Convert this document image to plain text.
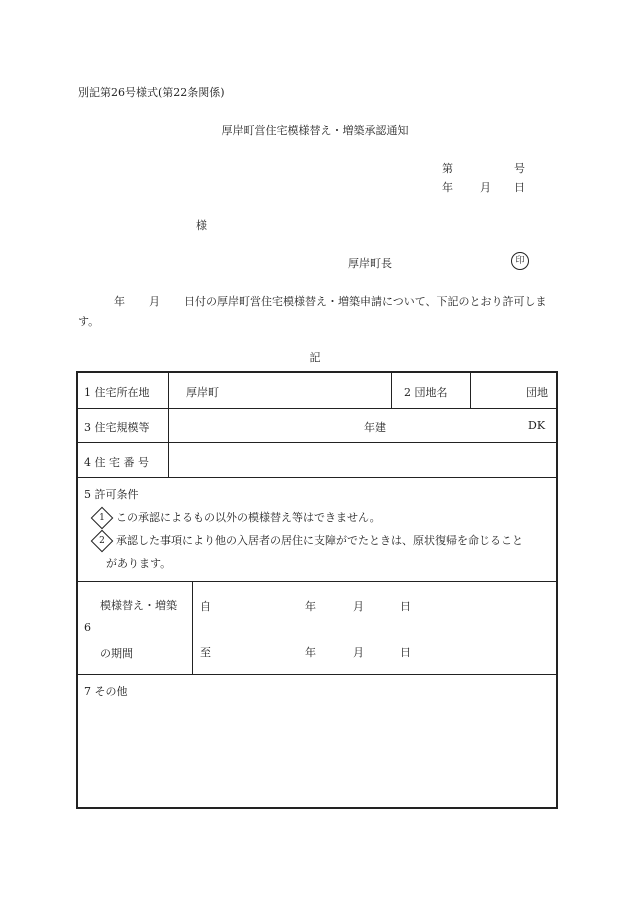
別記第26号様式(第22条関係)
厚岸町営住宅模様替え・増築承認通知
第	号
年 月 日
様
厚岸町長	印
年 月 日付の厚岸町営住宅模様替え・増築申請について、下記のとおり許可します。
記
1 住宅所在地	厚岸町	2 団地名	団地
3 住宅規模等	年建	DK
4 住 宅 番 号
5 許可条件
1	この承認によるもの以外の模様替え等はできません。
2	承認した事項により他の入居者の居住に支障がでたときは、原状復帰を命じること
があります。
6
模様替え・増築
の期間
自	年	月	日
至	年	月	日
7 その他
